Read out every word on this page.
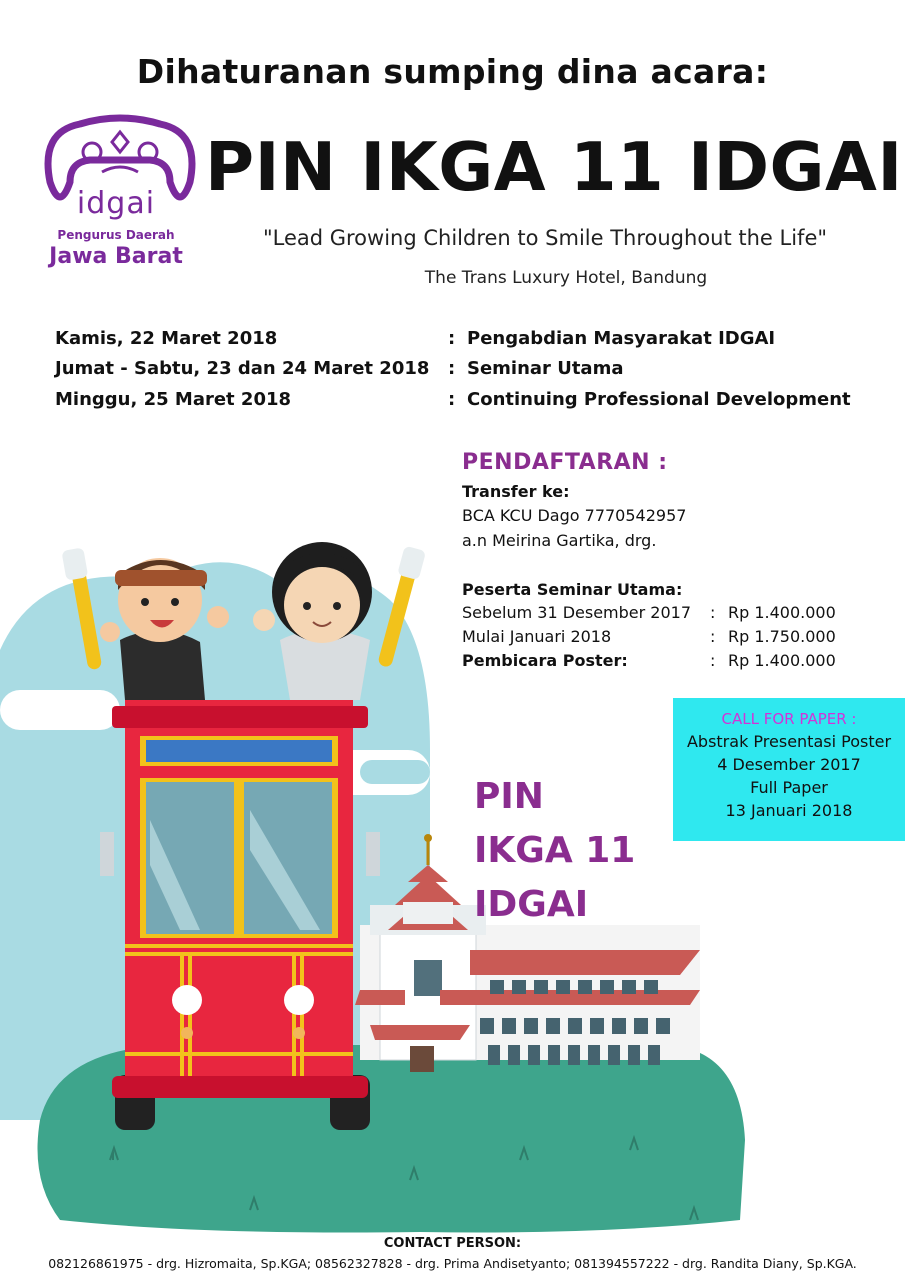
Dihaturanan sumping dina acara:
idgai
Pengurus Daerah
Jawa Barat
PIN IKGA 11 IDGAI
"Lead Growing Children to Smile Throughout the Life"
The Trans Luxury Hotel, Bandung
Kamis, 22 Maret 2018	: Pengabdian Masyarakat IDGAI
Jumat - Sabtu, 23 dan 24 Maret 2018 : Seminar Utama
Minggu, 25 Maret 2018	: Continuing Professional Development
PENDAFTARAN :
Transfer ke:
BCA KCU Dago 7770542957
a.n Meirina Gartika, drg.
Peserta Seminar Utama:
Sebelum 31 Desember 2017 : Rp 1.400.000
Mulai Januari 2018	: Rp 1.750.000
Pembicara Poster:	: Rp 1.400.000
CALL FOR PAPER :
Abstrak Presentasi Poster
4 Desember 2017
Full Paper
13 Januari 2018
PIN
IKGA 11
IDGAI
CONTACT PERSON:
082126861975 - drg. Hizromaita, Sp.KGA; 08562327828 - drg. Prima Andisetyanto; 081394557222 - drg. Randita Diany, Sp.KGA.
